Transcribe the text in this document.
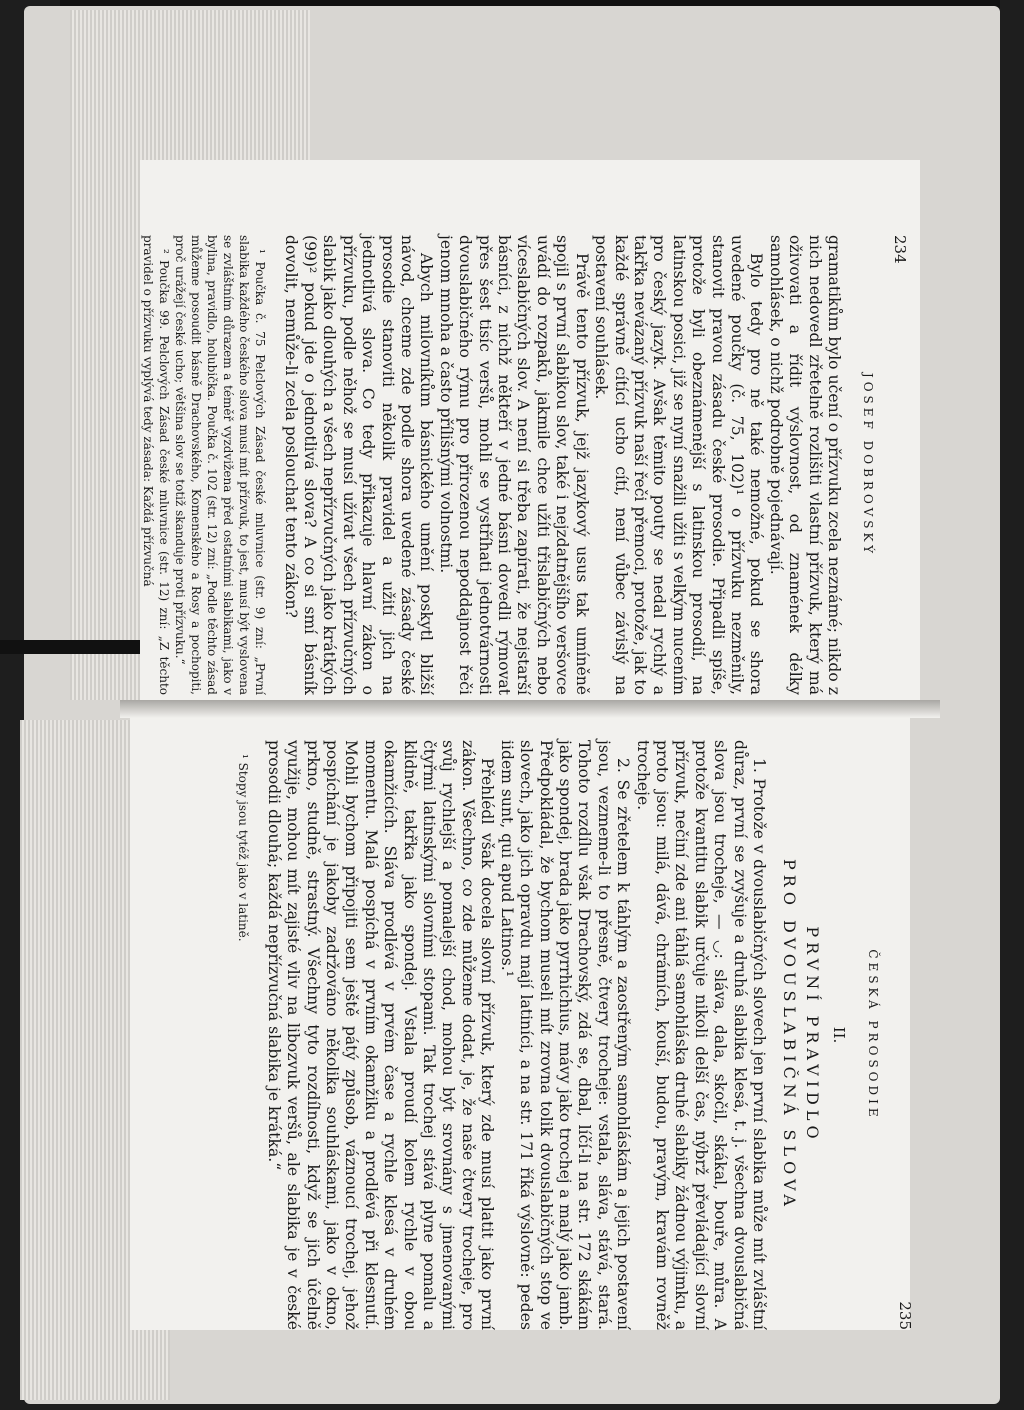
234
JOSEF DOBROVSKÝ

gramatikům bylo učení o přízvuku zcela neznámé; nikdo z nich nedovedl zřetelně rozlišiti vlastní přízvuk, který má oživovati a řídit výslovnost, od znamének délky samohlásek, o nichž podrobně pojednávají.

Bylo tedy pro ně také nemožné, pokud se shora uvedené poučky (č. 75, 102)¹ o přízvuku nezměnily, stanovit pravou zásadu české prosodie. Připadli spíše, protože byli obeznámenější s latinskou prosodií, na latinskou posici, již se nyní snažili užíti s velkým nucením pro český jazyk. Avšak těmito pouty se nedal rychlý a takřka nevázaný přízvuk naší řeči přemoci, protože, jak to každé správně cítící ucho cítí, není vůbec závislý na postavení souhlásek.

Právě tento přízvuk, jejž jazykový usus tak umíněně spojil s první slabikou slov, také i nejzdatnějšího veršovce uvádí do rozpaků, jakmile chce užíti třislabičných nebo víceslabičných slov. A není si třeba zapírati, že nejstarší básníci, z nichž někteří v jedné básni dovedli rýmovat přes šest tisíc veršů, mohli se vystříhati jednotvárnosti dvouslabičného rýmu pro přirozenou nepoddajnost řeči jenom mnoha a často přílišnými volnostmi.

Abych milovníkům básnického umění poskytl bližší návod, chceme zde podle shora uvedené zásady české prosodie stanoviti několik pravidel a užití jich na jednotlivá slova. Co tedy přikazuje hlavní zákon o přízvuku, podle něhož se musí užívat všech přízvučných slabik jako dlouhých a všech nepřízvučných jako krátkých (99)² pokud jde o jednotlivá slova? A co si smí básník dovolit, nemůže-li zcela poslouchat tento zákon?

¹ Poučka č. 75 Pelclových Zásad české mluvnice (str. 9) zní: „První slabika každého českého slova musí mít přízvuk, to jest, musí být vyslovena se zvláštním důrazem a téměř vyzdvižena před ostatními slabikami, jako v bylina, pravidlo, holubička. Poučka č. 102 (str. 12) zní: „Podle těchto zásad můžeme posoudit básně Drachovského, Komenského a Rosy a pochopiti, proč urážejí české ucho; většina slov se totiž skanduje proti přízvuku.“

² Poučka 99. Pelclových Zásad české mluvnice (str. 12) zní: „Z těchto pravidel o přízvuku vyplývá tedy zásada: Každá přízvučná

235
ČESKÁ PROSODIE
II.
PRVNÍ PRAVIDLO
PRO DVOUSLABIČNÁ SLOVA

1. Protože v dvouslabičných slovech jen první slabika může mít zvláštní důraz, první se zvyšuje a druhá slabika klesá, t. j. všechna dvouslabičná slova jsou trocheje, — ◡: sláva, dala, skočil, skákal, bouře, můra. A protože kvantitu slabik určuje nikoli delší čas, nýbrž převládající slovní přízvuk, nečiní zde ani táhlá samohláska druhé slabiky žádnou výjimku, a proto jsou: milá, dává, chrámích, kouší, budou, pravým, kravám rovněž trocheje.

2. Se zřetelem k táhlým a zaostřeným samohláskám a jejich postavení jsou, vezmeme-li to přesně, čtvery trocheje: vstala, sláva, stává, stará. Tohoto rozdílu však Drachovský, zdá se, dbal, líčí-li na str. 172 skákám jako spondej, brada jako pyrrhichius, mávy jako trochej a malý jako jamb. Předpokládal, že bychom museli mít zrovna tolik dvouslabičných stop ve slovech, jako jich opravdu mají latiníci, a na str. 171 říká výslovně: pedes iidem sunt, qui apud Latinos.¹

Přehlédl však docela slovní přízvuk, který zde musí platit jako první zákon. Všechno, co zde můžeme dodat, je, že naše čtvery trocheje, pro svůj rychlejší a pomalejší chod, mohou být srovnány s jmenovanými čtyřmi latinskými slovními stopami. Tak trochej stává plyne pomalu a klidně, takřka jako spondej. Vstala proudí kolem rychle v obou okamžicích. Sláva prodlévá v prvém čase a rychle klesá v druhém momentu. Malá pospíchá v prvním okamžiku a prodlévá při klesnutí. Mohli bychom připojiti sem ještě pátý způsob, váznoucí trochej, jehož pospíchání je jakoby zadržováno několika souhláskami, jako v okno, prkno, studně, strastný. Všechny tyto rozdílnosti, když se jich účelně využije, mohou mít zajisté vliv na libozvuk veršů, ale slabika je v české prosodii dlouhá; každá nepřízvučná slabika je krátká.“

¹ Stopy jsou tytéž jako v latině.
